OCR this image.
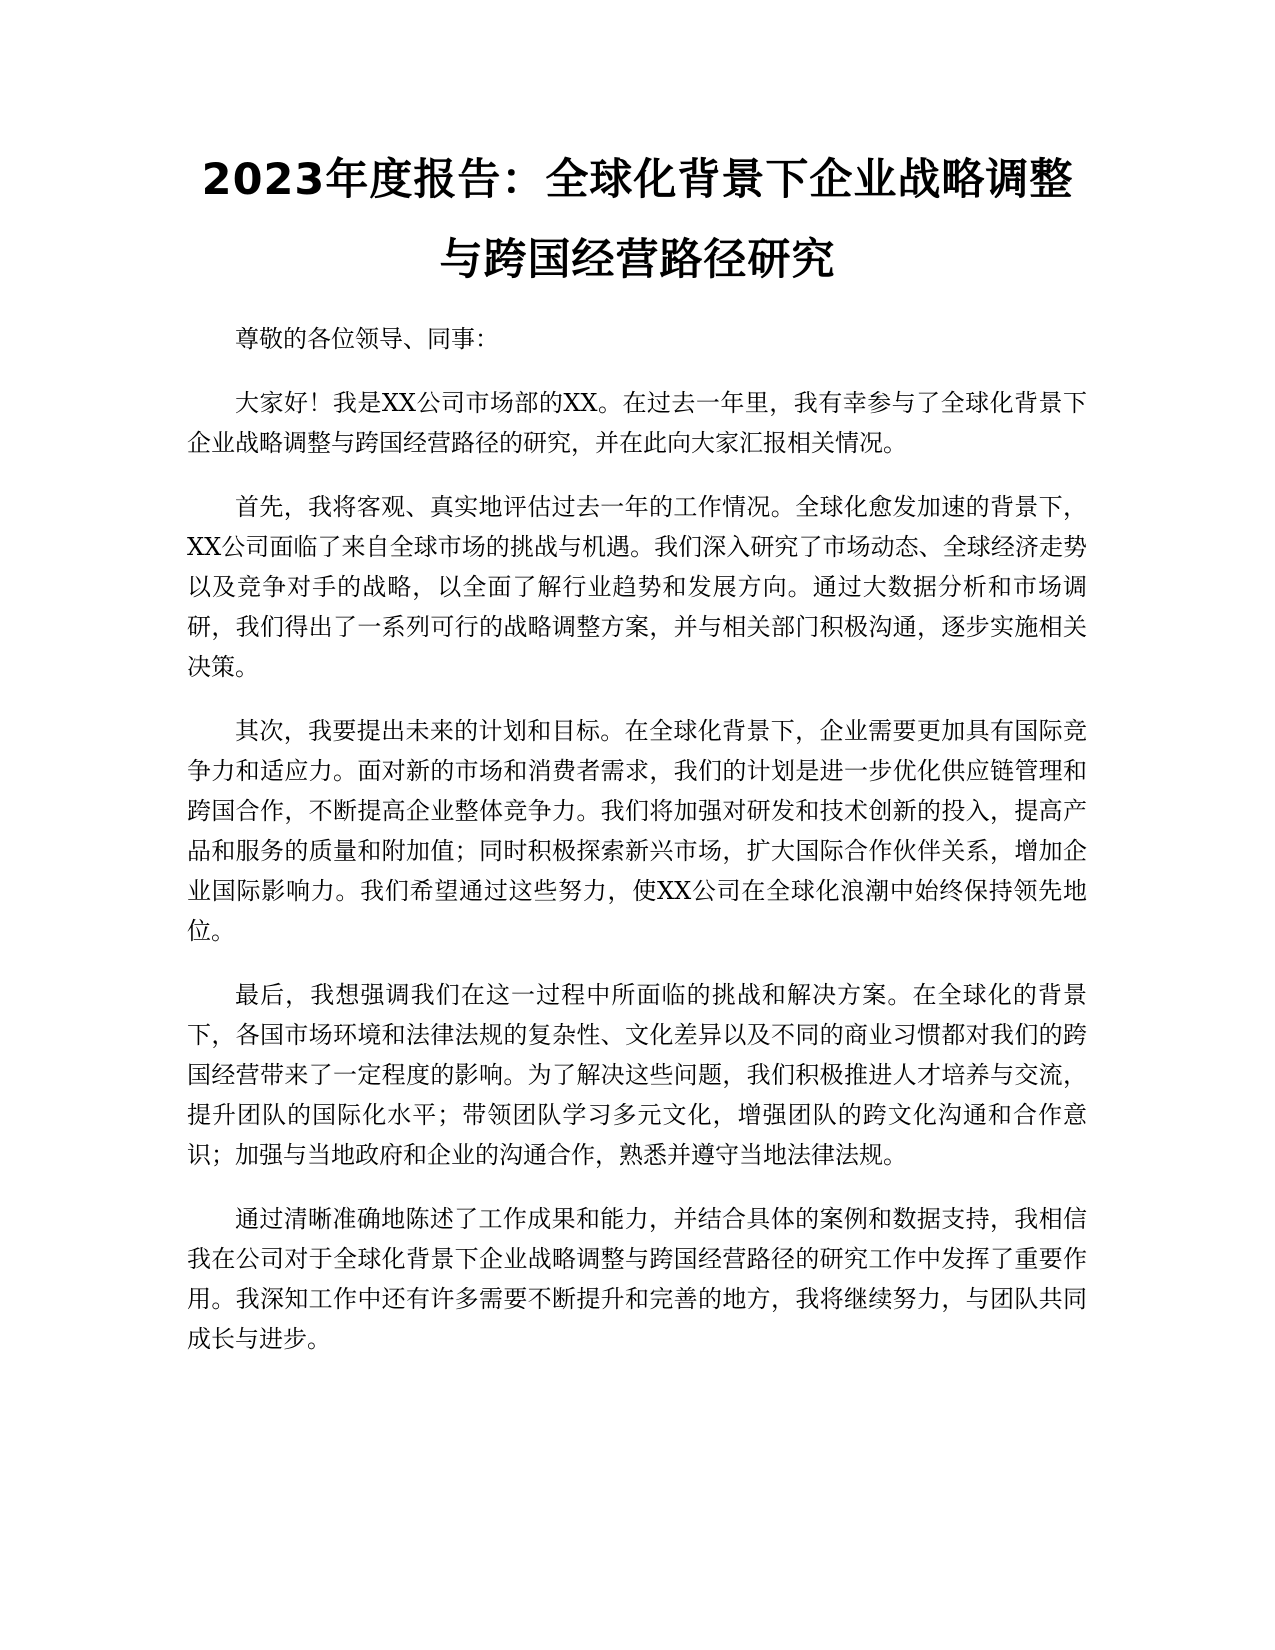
2023年度报告：全球化背景下企业战略调整
与跨国经营路径研究

尊敬的各位领导、同事：

大家好！我是XX公司市场部的XX。在过去一年里，我有幸参与了全球化背景下企业战略调整与跨国经营路径的研究，并在此向大家汇报相关情况。

首先，我将客观、真实地评估过去一年的工作情况。全球化愈发加速的背景下，XX公司面临了来自全球市场的挑战与机遇。我们深入研究了市场动态、全球经济走势以及竞争对手的战略，以全面了解行业趋势和发展方向。通过大数据分析和市场调研，我们得出了一系列可行的战略调整方案，并与相关部门积极沟通，逐步实施相关决策。

其次，我要提出未来的计划和目标。在全球化背景下，企业需要更加具有国际竞争力和适应力。面对新的市场和消费者需求，我们的计划是进一步优化供应链管理和跨国合作，不断提高企业整体竞争力。我们将加强对研发和技术创新的投入，提高产品和服务的质量和附加值；同时积极探索新兴市场，扩大国际合作伙伴关系，增加企业国际影响力。我们希望通过这些努力，使XX公司在全球化浪潮中始终保持领先地位。

最后，我想强调我们在这一过程中所面临的挑战和解决方案。在全球化的背景下，各国市场环境和法律法规的复杂性、文化差异以及不同的商业习惯都对我们的跨国经营带来了一定程度的影响。为了解决这些问题，我们积极推进人才培养与交流，提升团队的国际化水平；带领团队学习多元文化，增强团队的跨文化沟通和合作意识；加强与当地政府和企业的沟通合作，熟悉并遵守当地法律法规。

通过清晰准确地陈述了工作成果和能力，并结合具体的案例和数据支持，我相信我在公司对于全球化背景下企业战略调整与跨国经营路径的研究工作中发挥了重要作用。我深知工作中还有许多需要不断提升和完善的地方，我将继续努力，与团队共同成长与进步。
